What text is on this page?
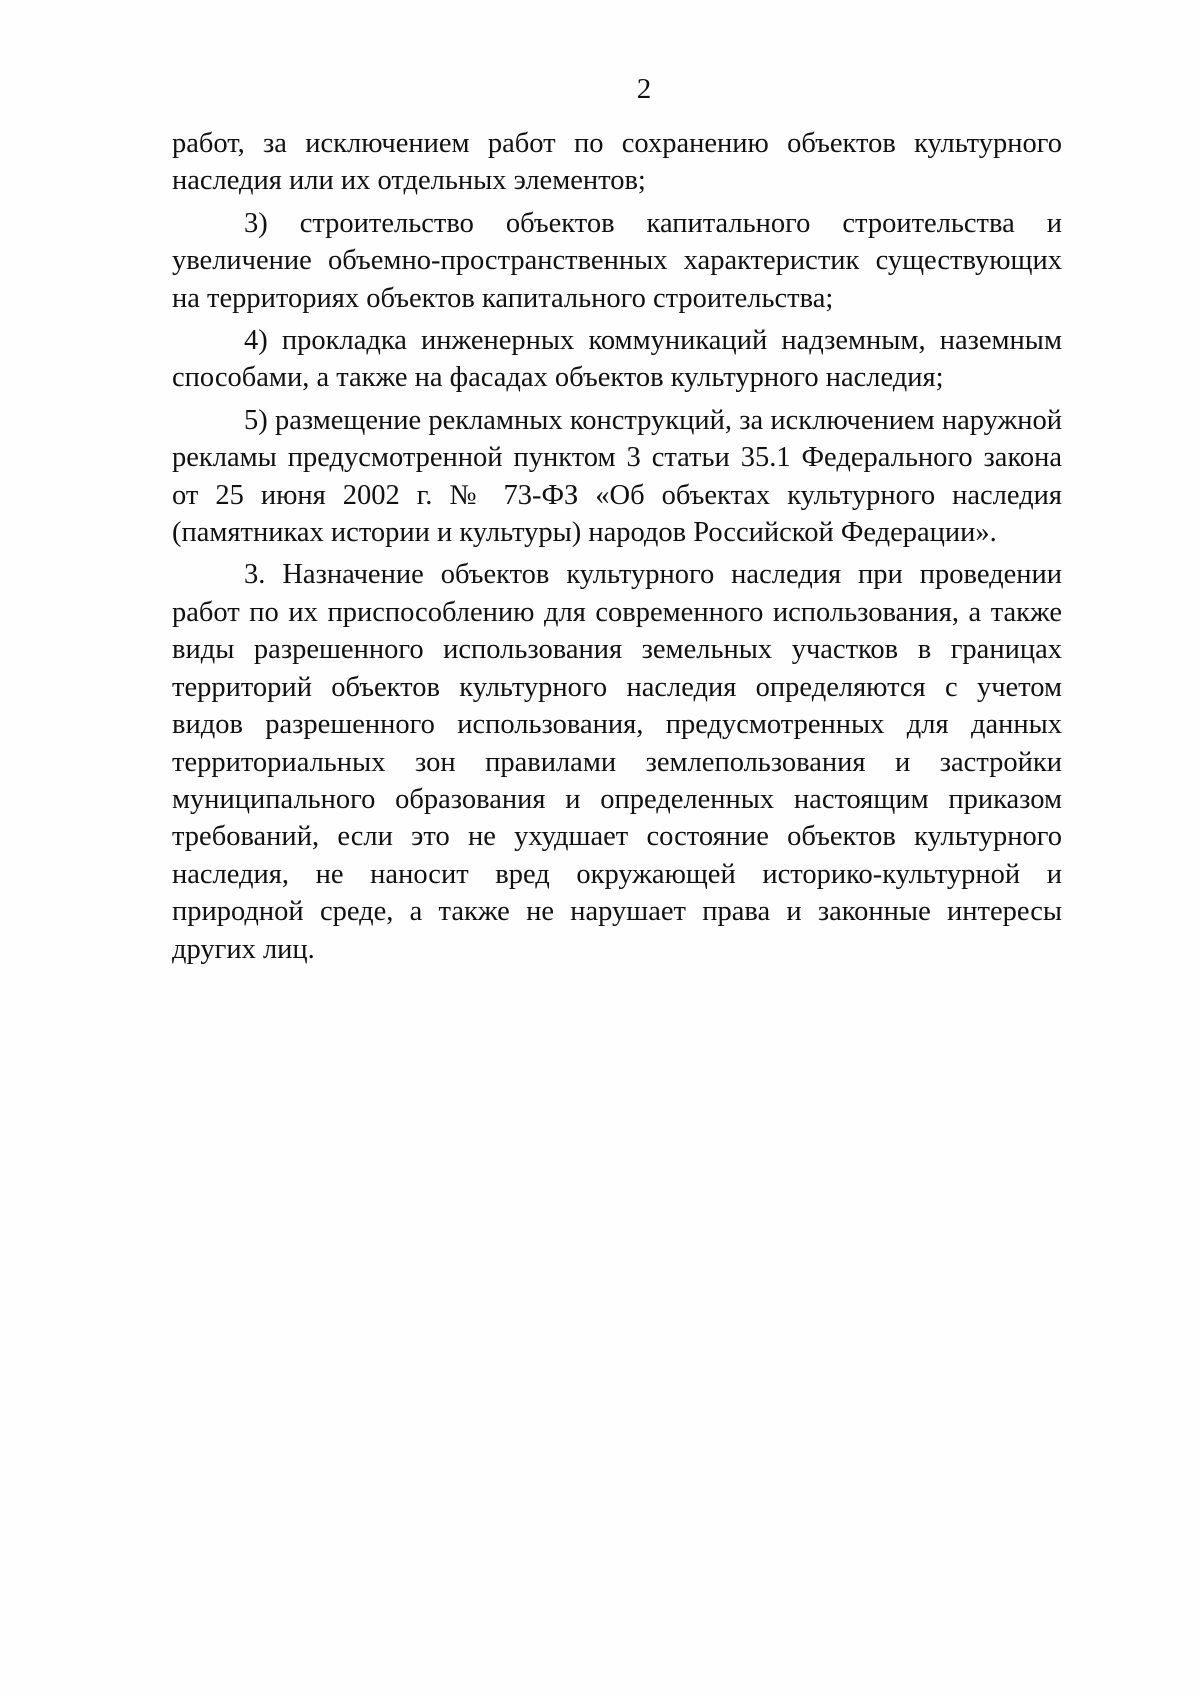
2

работ, за исключением работ по сохранению объектов культурного наследия или их отдельных элементов;

3) строительство объектов капитального строительства и увеличение объемно-пространственных характеристик существующих на территориях объектов капитального строительства;

4) прокладка инженерных коммуникаций надземным, наземным способами, а также на фасадах объектов культурного наследия;

5) размещение рекламных конструкций, за исключением наружной рекламы предусмотренной пунктом 3 статьи 35.1 Федерального закона от 25 июня 2002 г. № 73-ФЗ «Об объектах культурного наследия (памятниках истории и культуры) народов Российской Федерации».

3. Назначение объектов культурного наследия при проведении работ по их приспособлению для современного использования, а также виды разрешенного использования земельных участков в границах территорий объектов культурного наследия определяются с учетом видов разрешенного использования, предусмотренных для данных территориальных зон правилами землепользования и застройки муниципального образования и определенных настоящим приказом требований, если это не ухудшает состояние объектов культурного наследия, не наносит вред окружающей историко-культурной и природной среде, а также не нарушает права и законные интересы других лиц.
